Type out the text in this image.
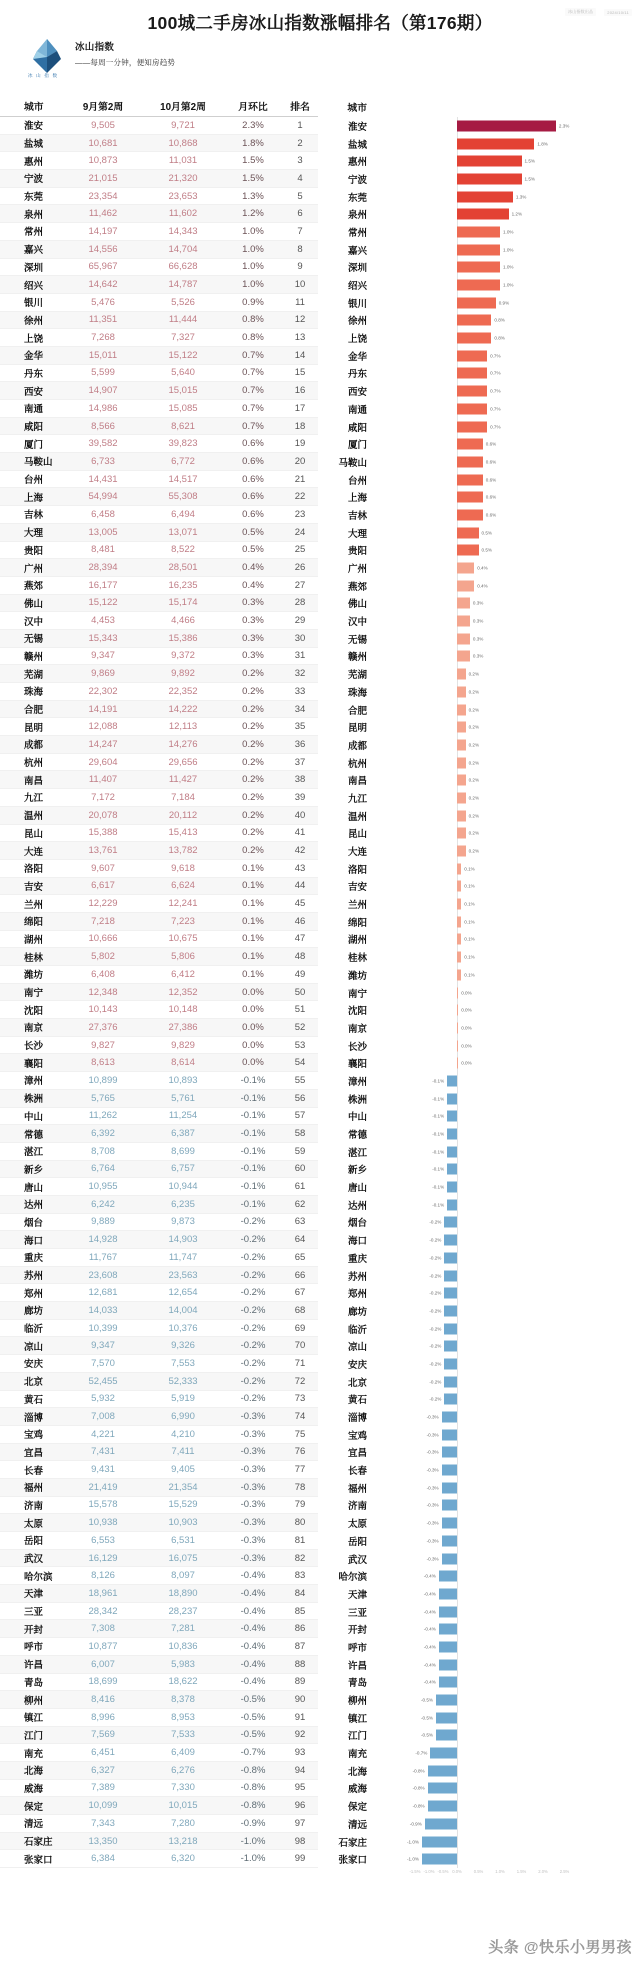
冰山指数出品	2024/10/11
100城二手房冰山指数涨幅排名（第176期）
冰 山 指 数
冰山指数
——每周一分钟，便知房趋势
城市	9月第2周	10月第2周	月环比	排名	城市
淮安	9,505	9,721	2.3%	1
盐城	10,681	10,868	1.8%	2
惠州	10,873	11,031	1.5%	3
宁波	21,015	21,320	1.5%	4
东莞	23,354	23,653	1.3%	5
泉州	11,462	11,602	1.2%	6
常州	14,197	14,343	1.0%	7
嘉兴	14,556	14,704	1.0%	8
深圳	65,967	66,628	1.0%	9
绍兴	14,642	14,787	1.0%	10
银川	5,476	5,526	0.9%	11
徐州	11,351	11,444	0.8%	12
上饶	7,268	7,327	0.8%	13
金华	15,011	15,122	0.7%	14
丹东	5,599	5,640	0.7%	15
西安	14,907	15,015	0.7%	16
南通	14,986	15,085	0.7%	17
咸阳	8,566	8,621	0.7%	18
厦门	39,582	39,823	0.6%	19
马鞍山	6,733	6,772	0.6%	20
台州	14,431	14,517	0.6%	21
上海	54,994	55,308	0.6%	22
吉林	6,458	6,494	0.6%	23
大理	13,005	13,071	0.5%	24
贵阳	8,481	8,522	0.5%	25
广州	28,394	28,501	0.4%	26
燕郊	16,177	16,235	0.4%	27
佛山	15,122	15,174	0.3%	28
汉中	4,453	4,466	0.3%	29
无锡	15,343	15,386	0.3%	30
赣州	9,347	9,372	0.3%	31
芜湖	9,869	9,892	0.2%	32
珠海	22,302	22,352	0.2%	33
合肥	14,191	14,222	0.2%	34
昆明	12,088	12,113	0.2%	35
成都	14,247	14,276	0.2%	36
杭州	29,604	29,656	0.2%	37
南昌	11,407	11,427	0.2%	38
九江	7,172	7,184	0.2%	39
温州	20,078	20,112	0.2%	40
昆山	15,388	15,413	0.2%	41
大连	13,761	13,782	0.2%	42
洛阳	9,607	9,618	0.1%	43
吉安	6,617	6,624	0.1%	44
兰州	12,229	12,241	0.1%	45
绵阳	7,218	7,223	0.1%	46
湖州	10,666	10,675	0.1%	47
桂林	5,802	5,806	0.1%	48
潍坊	6,408	6,412	0.1%	49
南宁	12,348	12,352	0.0%	50
沈阳	10,143	10,148	0.0%	51
南京	27,376	27,386	0.0%	52
长沙	9,827	9,829	0.0%	53
襄阳	8,613	8,614	0.0%	54
漳州	10,899	10,893	-0.1%	55
株洲	5,765	5,761	-0.1%	56
中山	11,262	11,254	-0.1%	57
常德	6,392	6,387	-0.1%	58
湛江	8,708	8,699	-0.1%	59
新乡	6,764	6,757	-0.1%	60
唐山	10,955	10,944	-0.1%	61
达州	6,242	6,235	-0.1%	62
烟台	9,889	9,873	-0.2%	63
海口	14,928	14,903	-0.2%	64
重庆	11,767	11,747	-0.2%	65
苏州	23,608	23,563	-0.2%	66
郑州	12,681	12,654	-0.2%	67
廊坊	14,033	14,004	-0.2%	68
临沂	10,399	10,376	-0.2%	69
凉山	9,347	9,326	-0.2%	70
安庆	7,570	7,553	-0.2%	71
北京	52,455	52,333	-0.2%	72
黄石	5,932	5,919	-0.2%	73
淄博	7,008	6,990	-0.3%	74
宝鸡	4,221	4,210	-0.3%	75
宜昌	7,431	7,411	-0.3%	76
长春	9,431	9,405	-0.3%	77
福州	21,419	21,354	-0.3%	78
济南	15,578	15,529	-0.3%	79
太原	10,938	10,903	-0.3%	80
岳阳	6,553	6,531	-0.3%	81
武汉	16,129	16,075	-0.3%	82
哈尔滨	8,126	8,097	-0.4%	83
天津	18,961	18,890	-0.4%	84
三亚	28,342	28,237	-0.4%	85
开封	7,308	7,281	-0.4%	86
呼市	10,877	10,836	-0.4%	87
许昌	6,007	5,983	-0.4%	88
青岛	18,699	18,622	-0.4%	89
柳州	8,416	8,378	-0.5%	90
镇江	8,996	8,953	-0.5%	91
江门	7,569	7,533	-0.5%	92
南充	6,451	6,409	-0.7%	93
北海	6,327	6,276	-0.8%	94
威海	7,389	7,330	-0.8%	95
保定	10,099	10,015	-0.8%	96
清远	7,343	7,280	-0.9%	97
石家庄	13,350	13,218	-1.0%	98
张家口	6,384	6,320	-1.0%	99
淮安	2.3%
盐城	1.8%
惠州	1.5%
宁波	1.5%
东莞	1.3%
泉州	1.2%
常州	1.0%
嘉兴	1.0%
深圳	1.0%
绍兴	1.0%
银川	0.9%
徐州	0.8%
上饶	0.8%
金华	0.7%
丹东	0.7%
西安	0.7%
南通	0.7%
咸阳	0.7%
厦门	0.6%
马鞍山	0.6%
台州	0.6%
上海	0.6%
吉林	0.6%
大理	0.5%
贵阳	0.5%
广州	0.4%
燕郊	0.4%
佛山	0.3%
汉中	0.3%
无锡	0.3%
赣州	0.3%
芜湖	0.2%
珠海	0.2%
合肥	0.2%
昆明	0.2%
成都	0.2%
杭州	0.2%
南昌	0.2%
九江	0.2%
温州	0.2%
昆山	0.2%
大连	0.2%
洛阳	0.1%
吉安	0.1%
兰州	0.1%
绵阳	0.1%
湖州	0.1%
桂林	0.1%
潍坊	0.1%
南宁	0.0%
沈阳	0.0%
南京	0.0%
长沙	0.0%
襄阳	0.0%
漳州	-0.1%
株洲	-0.1%
中山	-0.1%
常德	-0.1%
湛江	-0.1%
新乡	-0.1%
唐山	-0.1%
达州	-0.1%
烟台	-0.2%
海口	-0.2%
重庆	-0.2%
苏州	-0.2%
郑州	-0.2%
廊坊	-0.2%
临沂	-0.2%
凉山	-0.2%
安庆	-0.2%
北京	-0.2%
黄石	-0.2%
淄博	-0.3%
宝鸡	-0.3%
宜昌	-0.3%
长春	-0.3%
福州	-0.3%
济南	-0.3%
太原	-0.3%
岳阳	-0.3%
武汉	-0.3%
哈尔滨	-0.4%
天津	-0.4%
三亚	-0.4%
开封	-0.4%
呼市	-0.4%
许昌	-0.4%
青岛	-0.4%
柳州	-0.5%
镇江	-0.5%
江门	-0.5%
南充	-0.7%
北海	-0.8%
威海	-0.8%
保定	-0.8%
清远	-0.9%
石家庄	-1.0%
张家口	-1.0%
-1.5% -1.0% -0.5% 0.0%	0.5%	1.0%	1.5%	2.0%	2.5%
头条 @快乐小男男孩
